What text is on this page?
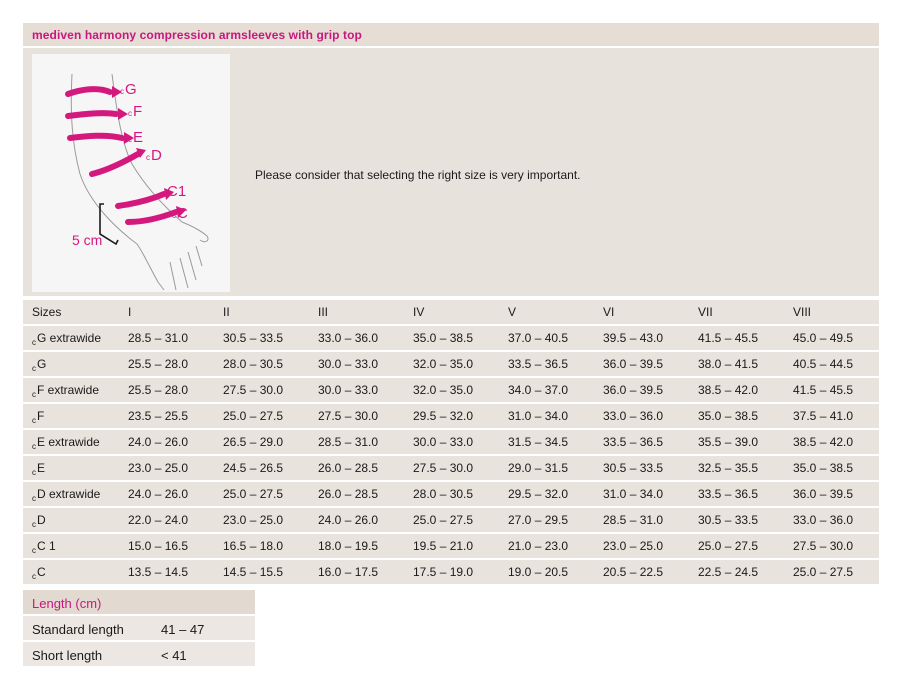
mediven harmony compression armsleeves with grip top
c G
c F
c E
c D
c C1
c C
5 cm
Please consider that selecting the right size is very important.
Sizes	I	II	III	IV	V	VI	VII	VIII
$_c$G extrawide	28.5 – 31.0	30.5 – 33.5	33.0 – 36.0	35.0 – 38.5	37.0 – 40.5	39.5 – 43.0	41.5 – 45.5	45.0 – 49.5
$_c$G	25.5 – 28.0	28.0 – 30.5	30.0 – 33.0	32.0 – 35.0	33.5 – 36.5	36.0 – 39.5	38.0 – 41.5	40.5 – 44.5
$_c$F extrawide	25.5 – 28.0	27.5 – 30.0	30.0 – 33.0	32.0 – 35.0	34.0 – 37.0	36.0 – 39.5	38.5 – 42.0	41.5 – 45.5
$_c$F	23.5 – 25.5	25.0 – 27.5	27.5 – 30.0	29.5 – 32.0	31.0 – 34.0	33.0 – 36.0	35.0 – 38.5	37.5 – 41.0
$_c$E extrawide	24.0 – 26.0	26.5 – 29.0	28.5 – 31.0	30.0 – 33.0	31.5 – 34.5	33.5 – 36.5	35.5 – 39.0	38.5 – 42.0
$_c$E	23.0 – 25.0	24.5 – 26.5	26.0 – 28.5	27.5 – 30.0	29.0 – 31.5	30.5 – 33.5	32.5 – 35.5	35.0 – 38.5
$_c$D extrawide	24.0 – 26.0	25.0 – 27.5	26.0 – 28.5	28.0 – 30.5	29.5 – 32.0	31.0 – 34.0	33.5 – 36.5	36.0 – 39.5
$_c$D	22.0 – 24.0	23.0 – 25.0	24.0 – 26.0	25.0 – 27.5	27.0 – 29.5	28.5 – 31.0	30.5 – 33.5	33.0 – 36.0
$_c$C 1	15.0 – 16.5	16.5 – 18.0	18.0 – 19.5	19.5 – 21.0	21.0 – 23.0	23.0 – 25.0	25.0 – 27.5	27.5 – 30.0
$_c$C	13.5 – 14.5	14.5 – 15.5	16.0 – 17.5	17.5 – 19.0	19.0 – 20.5	20.5 – 22.5	22.5 – 24.5	25.0 – 27.5
Length (cm)
Standard length	41 – 47
Short length	< 41
